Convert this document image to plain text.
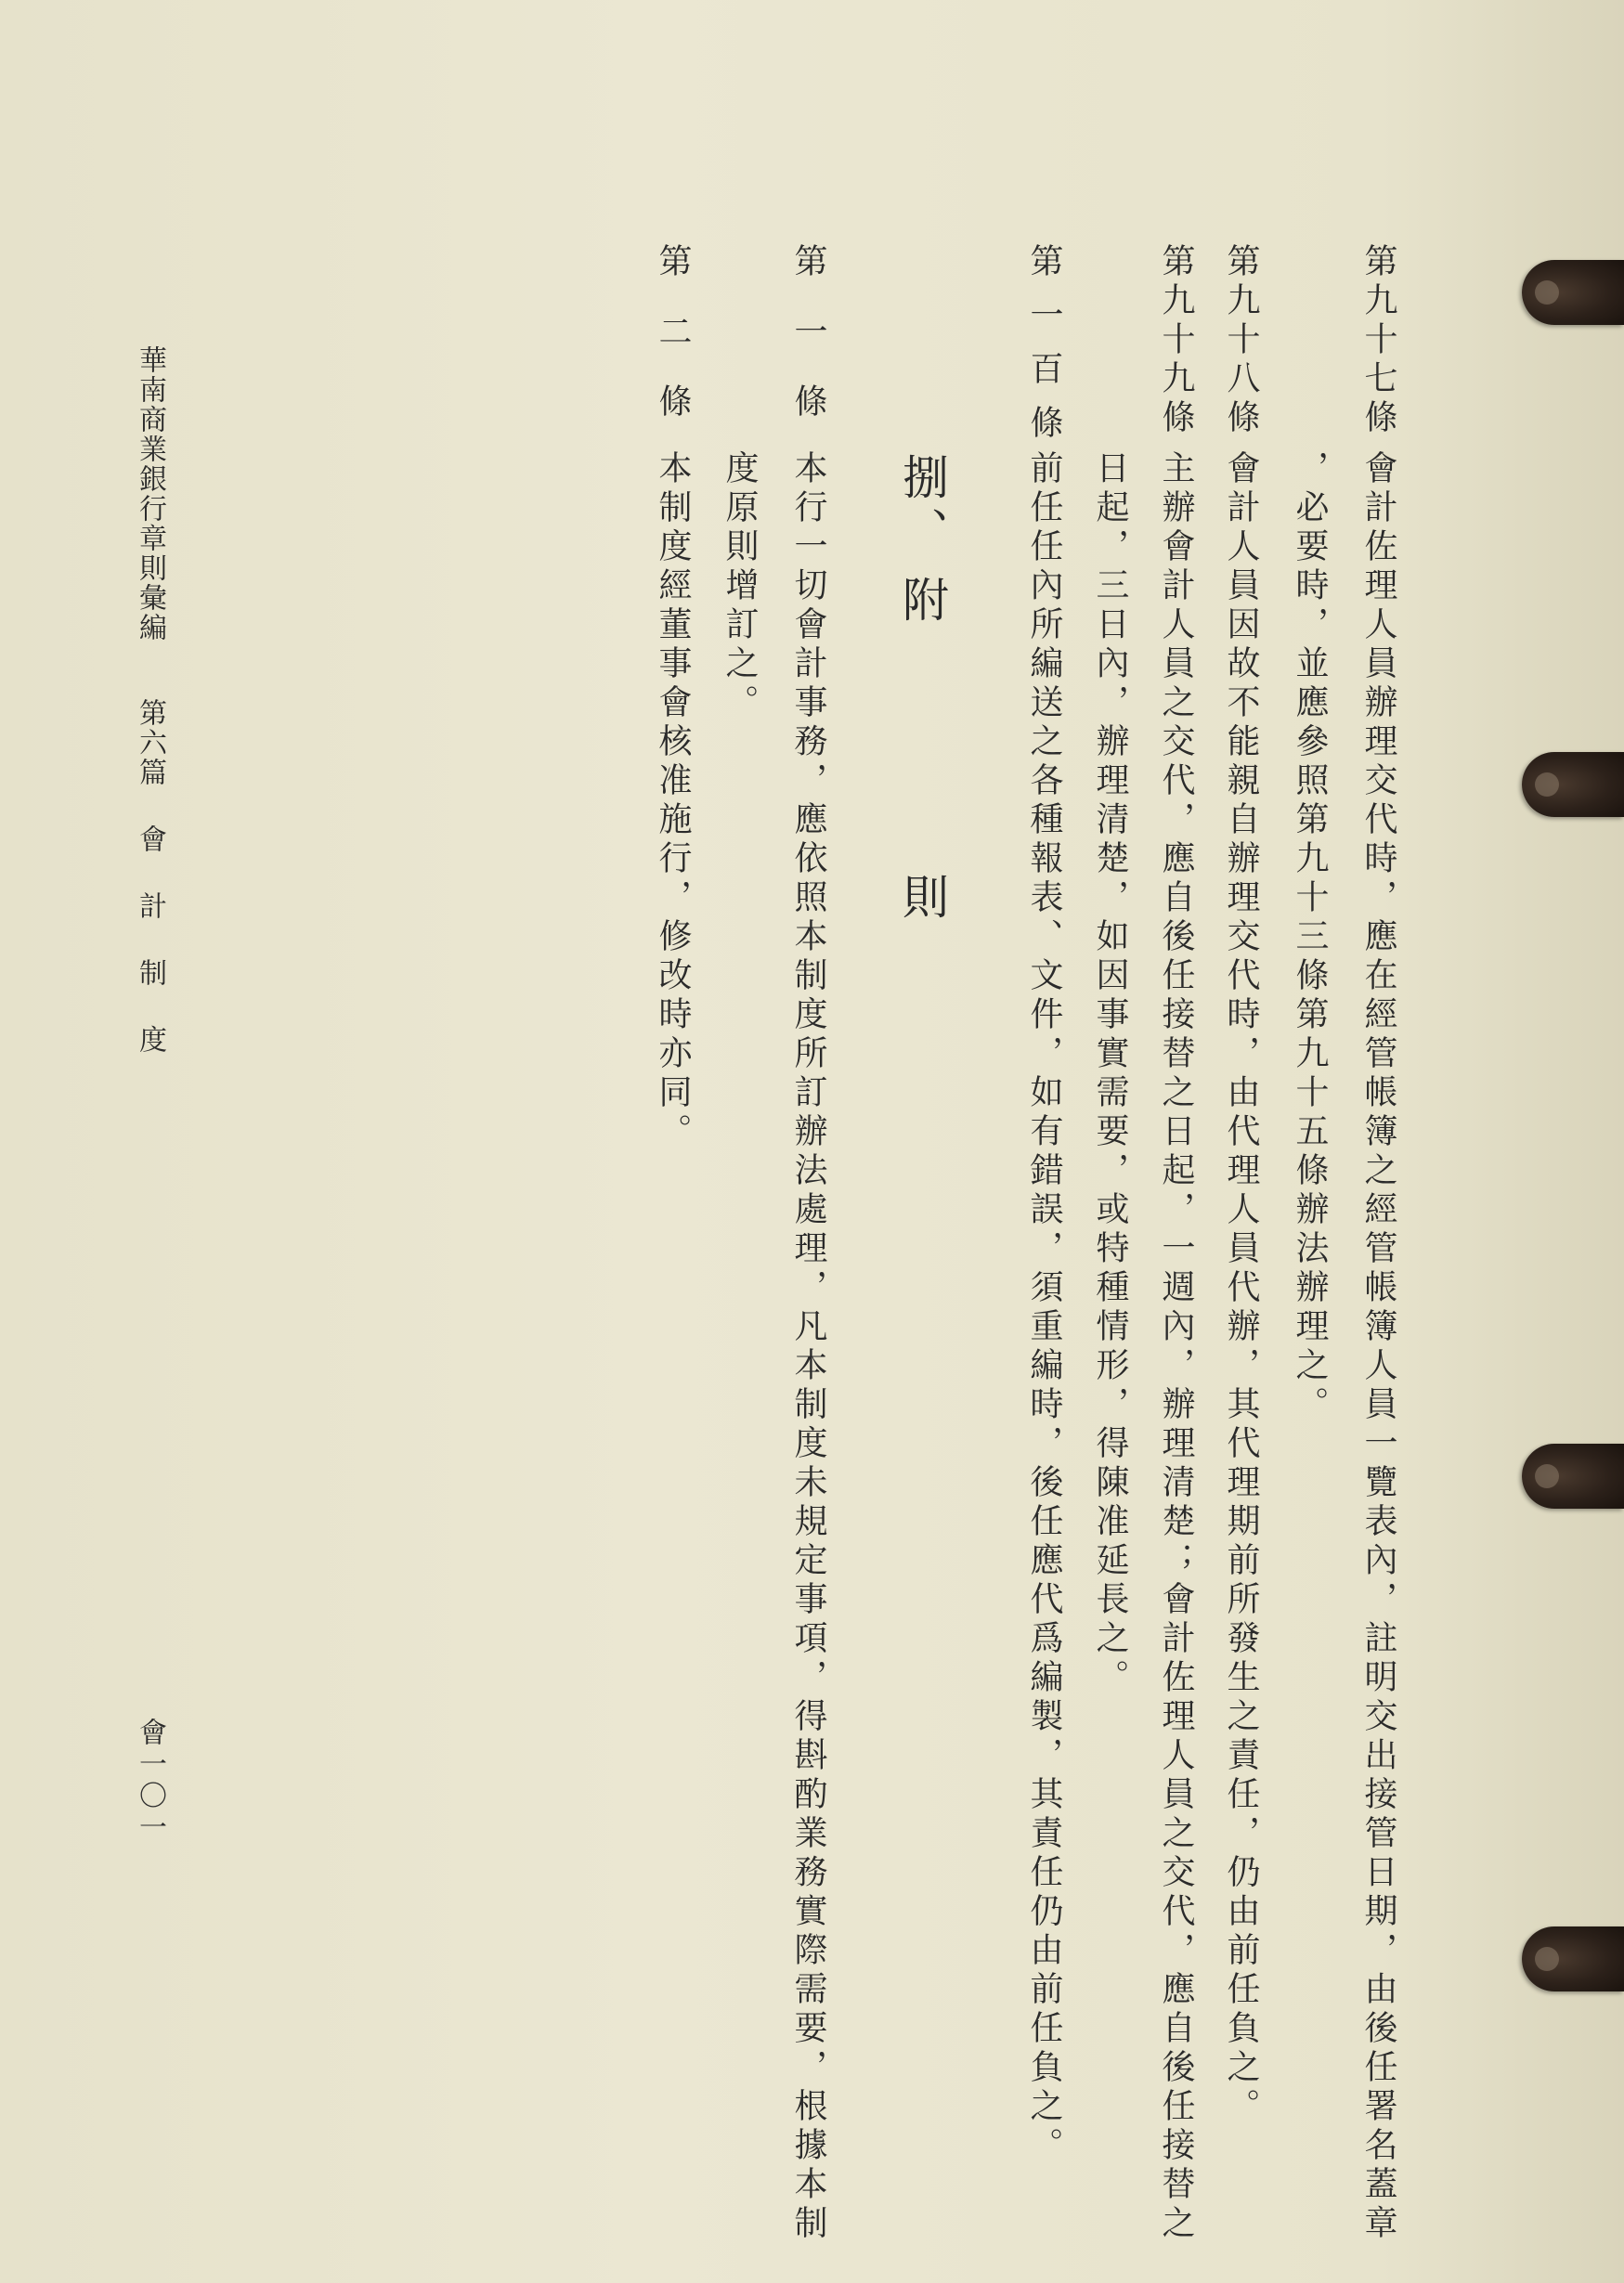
第九十七條
會計佐理人員辦理交代時，應在經管帳簿之經管帳簿人員一覽表內，註明交出接管日期，由後任署名蓋章
，必要時，並應參照第九十三條第九十五條辦法辦理之。
第九十八條
會計人員因故不能親自辦理交代時，由代理人員代辦，其代理期前所發生之責任，仍由前任負之。
第九十九條
主辦會計人員之交代，應自後任接替之日起，一週內，辦理清楚；會計佐理人員之交代，應自後任接替之
日起，三日內，辦理清楚，如因事實需要，或特種情形，得陳准延長之。
第一百條
前任任內所編送之各種報表、文件，如有錯誤，須重編時，後任應代爲編製，其責任仍由前任負之。
捌、
附　則
第
一
條
本行一切會計事務，應依照本制度所訂辦法處理，凡本制度未規定事項，得斟酌業務實際需要，根據本制
度原則增訂之。
第
二
條
本制度經董事會核准施行，修改時亦同。
華南商業銀行章則彙編
第六篇
會
計
制
度
會一〇一
